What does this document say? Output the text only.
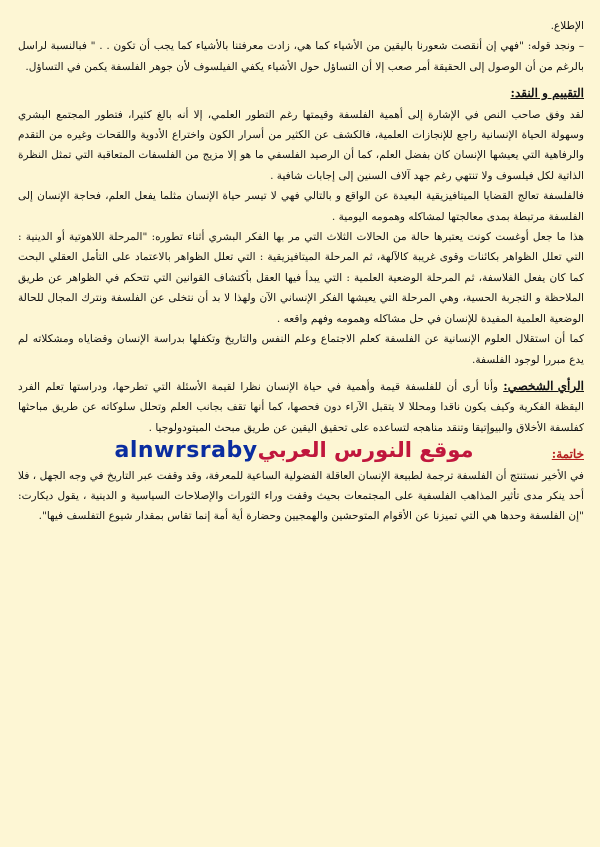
الإطلاع.

– ونجد قوله: "فهي إن أنقصت شعورنا باليقين من الأشياء كما هي، زادت معرفتنا بالأشياء كما يجب أن تكون . . " فبالنسبة لراسل بالرغم من أن الوصول إلى الحقيقة أمر صعب إلا أن التساؤل حول الأشياء يكفي الفيلسوف لأن جوهر الفلسفة يكمن في التساؤل.

التقييم و النقد:

لقد وفق صاحب النص في الإشارة إلى أهمية الفلسفة وقيمتها رغم التطور العلمي، إلا أنه بالغ كثيرا، فتطور المجتمع البشري وسهولة الحياة الإنسانية راجع للإنجازات العلمية، فالكشف عن الكثير من أسرار الكون واختراع الأدوية واللقحات وغيره من التقدم والرفاهية التي يعيشها الإنسان كان بفضل العلم، كما أن الرصيد الفلسفي ما هو إلا مزيج من الفلسفات المتعاقبة التي تمثل النظرة الذاتية لكل فيلسوف ولا تنتهي رغم جهد آلاف السنين إلى إجابات شافية .

فالفلسفة تعالج القضايا الميتافيزيقية البعيدة عن الواقع و بالتالي فهي لا تيسر حياة الإنسان مثلما يفعل العلم، فحاجة الإنسان إلى الفلسفة مرتبطة بمدى معالجتها لمشاكله وهمومه اليومية .

هذا ما جعل أوغست كونت يعتبرها حالة من الحالات الثلاث التي مر بها الفكر البشري أثناء تطوره: "المرحلة اللاهوتية أو الدينية : التي تعلل الظواهر بكائنات وقوى غريبة كالآلهة، ثم المرحلة الميتافيزيقية : التي تعلل الظواهر بالاعتماد على التأمل العقلي البحت كما كان يفعل الفلاسفة، ثم المرحلة الوضعية العلمية : التي يبدأ فيها العقل بأكتشاف القوانين التي تتحكم في الظواهر عن طريق الملاحظة و التجربة الحسية، وهي المرحلة التي يعيشها الفكر الإنساني الآن ولهذا لا بد أن نتخلى عن الفلسفة ونترك المجال للحالة الوضعية العلمية المفيدة للإنسان في حل مشاكله وهمومه وفهم واقعه .

كما أن استقلال العلوم الإنسانية عن الفلسفة كعلم الاجتماع وعلم النفس والتاريخ وتكفلها بدراسة الإنسان وقضاياه ومشكلاته لم يدع مبررا لوجود الفلسفة.

الرأي الشخصي: وأنا أرى أن للفلسفة قيمة وأهمية في حياة الإنسان نظرا لقيمة الأسئلة التي تطرحها، ودراستها تعلم الفرد اليقظة الفكرية وكيف يكون ناقدا ومحللا لا يتقبل الآراء دون فحصها، كما أنها تقف بجانب العلم وتحلل سلوكاته عن طريق مباحثها كفلسفة الأخلاق والبيوإتيقا وتنقد مناهجه لتساعده على تحقيق اليقين عن طريق مبحث الميتودولوجيا .

خاتمة:

في الأخير نستنتج أن الفلسفة ترجمة لطبيعة الإنسان العاقلة الفضولية الساعية للمعرفة، وقد وقفت عبر التاريخ في وجه الجهل ، فلا أحد ينكر مدى تأثير المذاهب الفلسفية على المجتمعات بحيث وقفت وراء الثورات والإصلاحات السياسية و الدينية ، يقول ديكارت: "إن الفلسفة وحدها هي التي تميزنا عن الأقوام المتوحشين والهمجيين وحضارة أية أمة إنما تقاس بمقدار شيوع التفلسف فيها".

alnwrsrabyموقع النورس العربي
